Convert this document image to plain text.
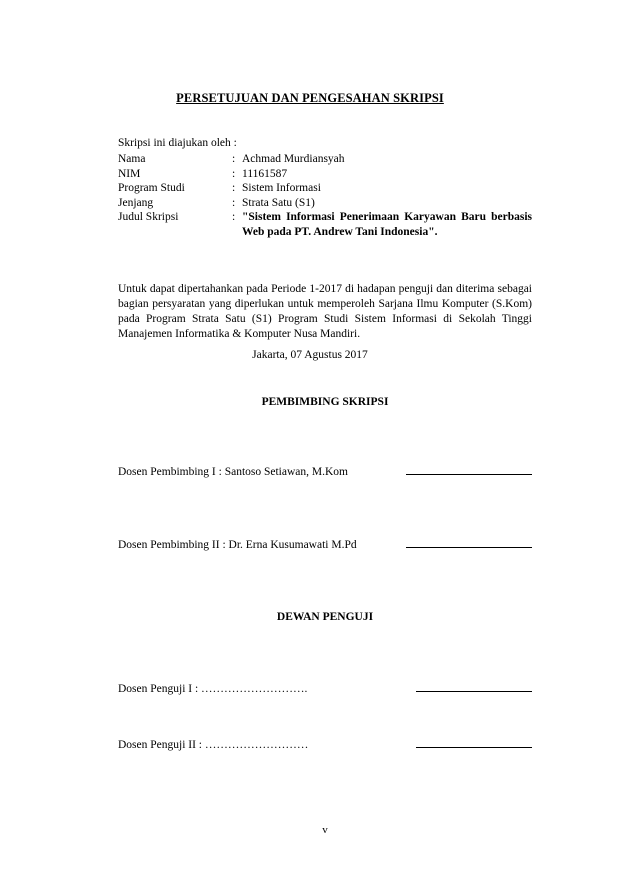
PERSETUJUAN DAN PENGESAHAN SKRIPSI
Skripsi ini diajukan oleh :
Nama	: Achmad Murdiansyah
NIM	: 11161587
Program Studi	: Sistem Informasi
Jenjang	: Strata Satu (S1)
Judul Skripsi	: "Sistem Informasi Penerimaan Karyawan Baru berbasis Web pada PT. Andrew Tani Indonesia".
Untuk dapat dipertahankan pada Periode 1-2017 di hadapan penguji dan diterima sebagai bagian persyaratan yang diperlukan untuk memperoleh Sarjana Ilmu Komputer (S.Kom) pada Program Strata Satu (S1) Program Studi Sistem Informasi di Sekolah Tinggi Manajemen Informatika & Komputer Nusa Mandiri.
Jakarta, 07 Agustus 2017
PEMBIMBING SKRIPSI
Dosen Pembimbing I : Santoso Setiawan, M.Kom
Dosen Pembimbing II : Dr. Erna Kusumawati M.Pd
DEWAN PENGUJI
Dosen Penguji I : ……………………….
Dosen Penguji II : ………………………
v
